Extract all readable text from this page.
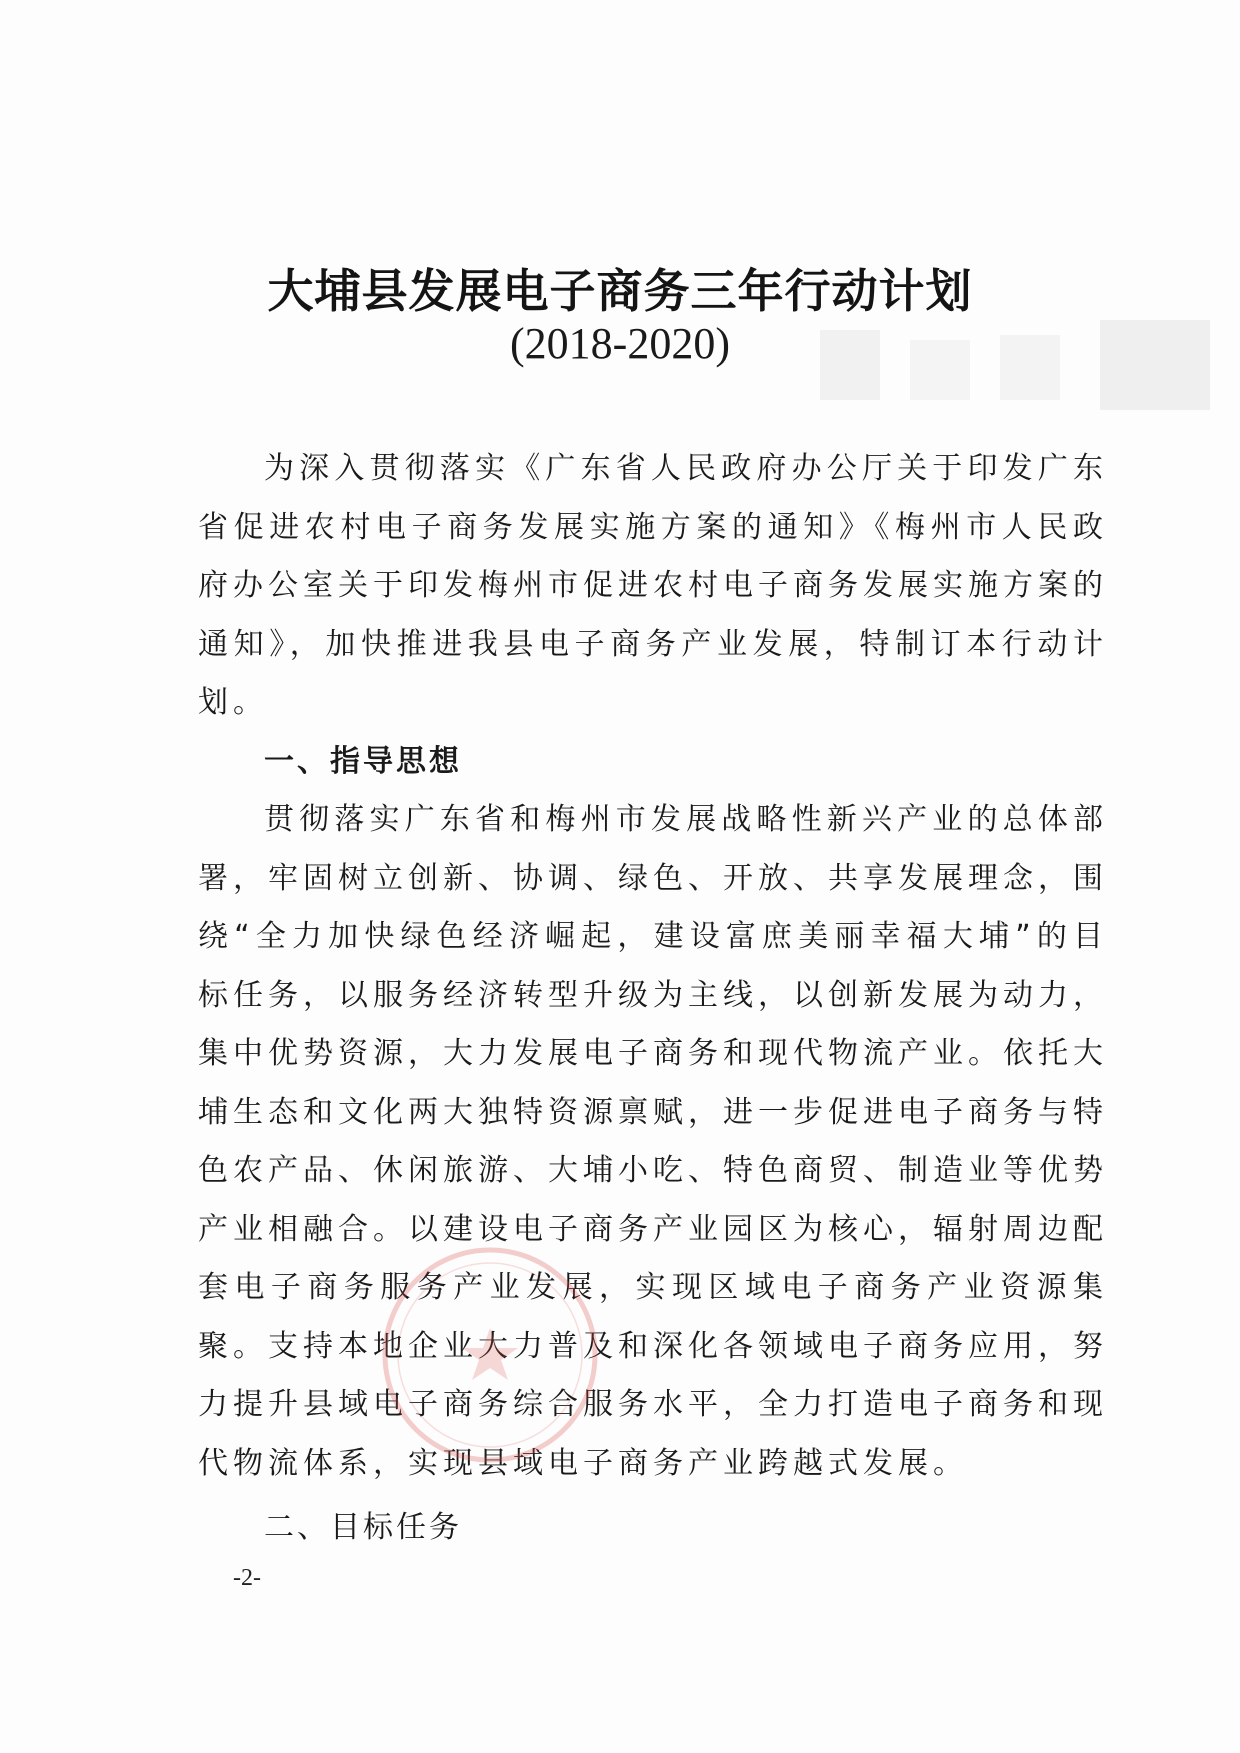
大埔县发展电子商务三年行动计划
(2018-2020)

为深入贯彻落实《广东省人民政府办公厅关于印发广东省促进农村电子商务发展实施方案的通知》《梅州市人民政府办公室关于印发梅州市促进农村电子商务发展实施方案的通知》，加快推进我县电子商务产业发展，特制订本行动计划。

一、指导思想

贯彻落实广东省和梅州市发展战略性新兴产业的总体部署，牢固树立创新、协调、绿色、开放、共享发展理念，围绕“全力加快绿色经济崛起，建设富庶美丽幸福大埔”的目标任务，以服务经济转型升级为主线，以创新发展为动力，集中优势资源，大力发展电子商务和现代物流产业。依托大埔生态和文化两大独特资源禀赋，进一步促进电子商务与特色农产品、休闲旅游、大埔小吃、特色商贸、制造业等优势产业相融合。以建设电子商务产业园区为核心，辐射周边配套电子商务服务产业发展，实现区域电子商务产业资源集聚。支持本地企业大力普及和深化各领域电子商务应用，努力提升县域电子商务综合服务水平，全力打造电子商务和现代物流体系，实现县域电子商务产业跨越式发展。

二、目标任务
-2-
